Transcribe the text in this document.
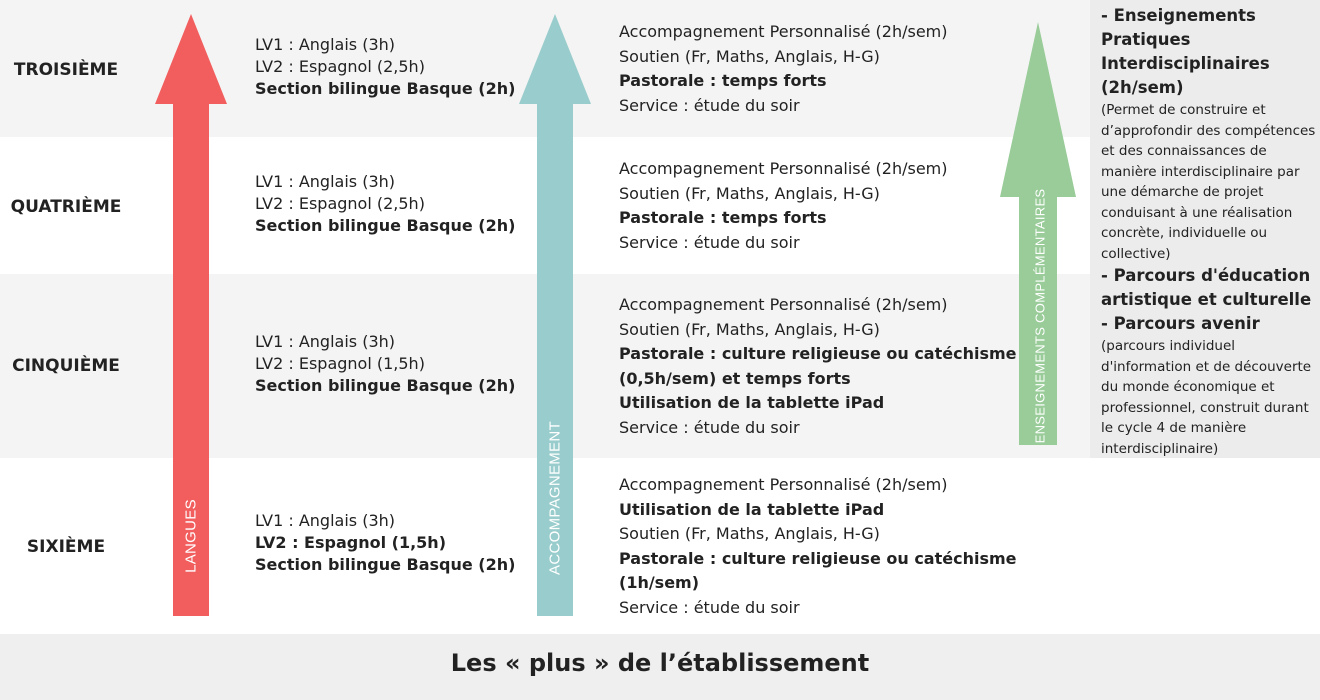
TROISIÈME
QUATRIÈME
CINQUIÈME
SIXIÈME
LV1 : Anglais (3h)
LV2 : Espagnol (2,5h)
Section bilingue Basque (2h)
LV1 : Anglais (3h)
LV2 : Espagnol (2,5h)
Section bilingue Basque (2h)
LV1 : Anglais (3h)
LV2 : Espagnol (1,5h)
Section bilingue Basque (2h)
LV1 : Anglais (3h)
LV2 : Espagnol (1,5h)
Section bilingue Basque (2h)
Accompagnement Personnalisé (2h/sem)
Soutien (Fr, Maths, Anglais, H-G)
Pastorale : temps forts
Service : étude du soir
Accompagnement Personnalisé (2h/sem)
Soutien (Fr, Maths, Anglais, H-G)
Pastorale : temps forts
Service : étude du soir
Accompagnement Personnalisé (2h/sem)
Soutien (Fr, Maths, Anglais, H-G)
Pastorale : culture religieuse ou catéchisme
(0,5h/sem) et temps forts
Utilisation de la tablette iPad
Service : étude du soir
Accompagnement Personnalisé (2h/sem)
Utilisation de la tablette iPad
Soutien (Fr, Maths, Anglais, H-G)
Pastorale : culture religieuse ou catéchisme
(1h/sem)
Service : étude du soir
- Enseignements
Pratiques
Interdisciplinaires
(2h/sem)
(Permet de construire et
d’approfondir des compétences
et des connaissances de
manière interdisciplinaire par
une démarche de projet
conduisant à une réalisation
concrète, individuelle ou
collective)
- Parcours d'éducation
artistique et culturelle
- Parcours avenir
(parcours individuel
d'information et de découverte
du monde économique et
professionnel, construit durant
le cycle 4 de manière
interdisciplinaire)
LANGUES	ACCOMPAGNEMENT
ENSEIGNEMENTS COMPLÉMENTAIRES
Les « plus » de l’établissement
